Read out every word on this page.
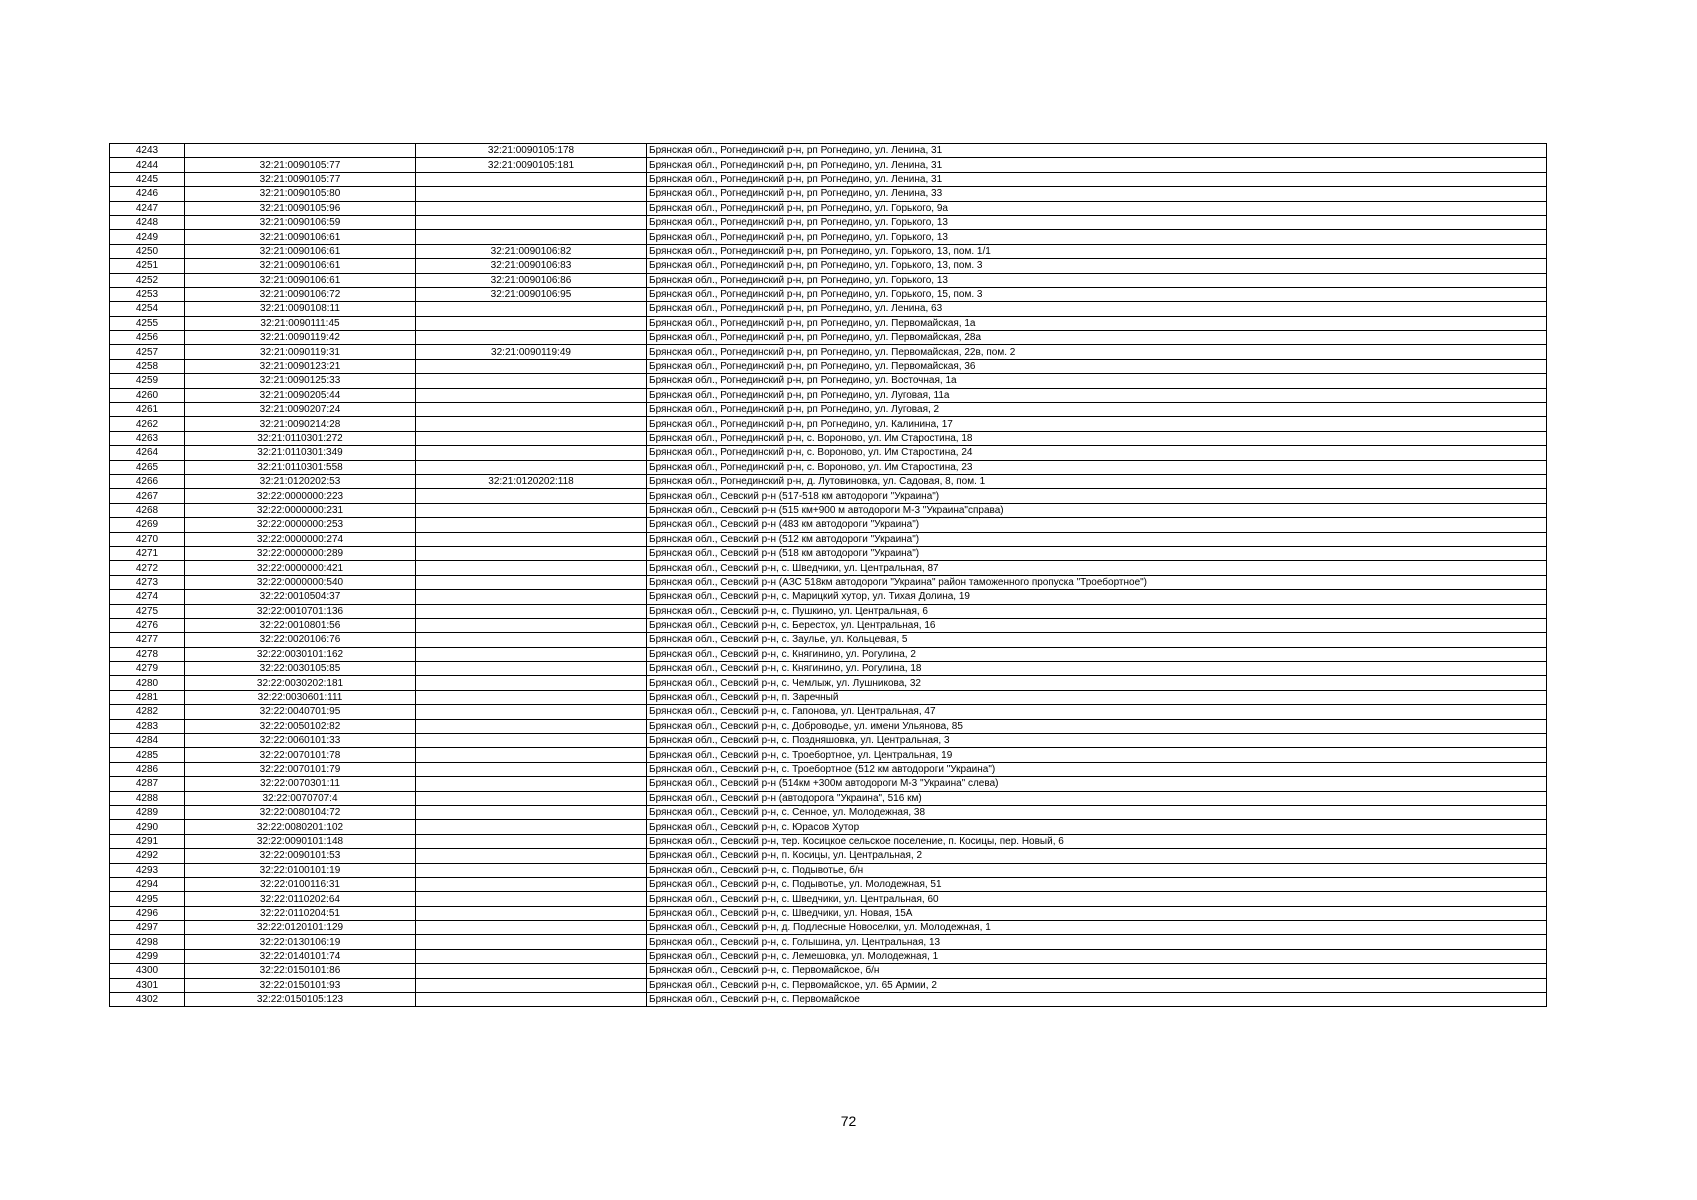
4243		32:21:0090105:178	Брянская обл., Рогнединский р-н, рп Рогнедино, ул. Ленина, 31
4244	32:21:0090105:77	32:21:0090105:181	Брянская обл., Рогнединский р-н, рп Рогнедино, ул. Ленина, 31
4245	32:21:0090105:77		Брянская обл., Рогнединский р-н, рп Рогнедино, ул. Ленина, 31
4246	32:21:0090105:80		Брянская обл., Рогнединский р-н, рп Рогнедино, ул. Ленина, 33
4247	32:21:0090105:96		Брянская обл., Рогнединский р-н, рп Рогнедино, ул. Горького, 9а
4248	32:21:0090106:59		Брянская обл., Рогнединский р-н, рп Рогнедино, ул. Горького, 13
4249	32:21:0090106:61		Брянская обл., Рогнединский р-н, рп Рогнедино, ул. Горького, 13
4250	32:21:0090106:61	32:21:0090106:82	Брянская обл., Рогнединский р-н, рп Рогнедино, ул. Горького, 13, пом. 1/1
4251	32:21:0090106:61	32:21:0090106:83	Брянская обл., Рогнединский р-н, рп Рогнедино, ул. Горького, 13, пом. 3
4252	32:21:0090106:61	32:21:0090106:86	Брянская обл., Рогнединский р-н, рп Рогнедино, ул. Горького, 13
4253	32:21:0090106:72	32:21:0090106:95	Брянская обл., Рогнединский р-н, рп Рогнедино, ул. Горького, 15, пом. 3
4254	32:21:0090108:11		Брянская обл., Рогнединский р-н, рп Рогнедино, ул. Ленина, 63
4255	32:21:0090111:45		Брянская обл., Рогнединский р-н, рп Рогнедино, ул. Первомайская, 1а
4256	32:21:0090119:42		Брянская обл., Рогнединский р-н, рп Рогнедино, ул. Первомайская, 28а
4257	32:21:0090119:31	32:21:0090119:49	Брянская обл., Рогнединский р-н, рп Рогнедино, ул. Первомайская, 22в, пом. 2
4258	32:21:0090123:21		Брянская обл., Рогнединский р-н, рп Рогнедино, ул. Первомайская, 36
4259	32:21:0090125:33		Брянская обл., Рогнединский р-н, рп Рогнедино, ул. Восточная, 1а
4260	32:21:0090205:44		Брянская обл., Рогнединский р-н, рп Рогнедино, ул. Луговая, 11а
4261	32:21:0090207:24		Брянская обл., Рогнединский р-н, рп Рогнедино, ул. Луговая, 2
4262	32:21:0090214:28		Брянская обл., Рогнединский р-н, рп Рогнедино, ул. Калинина, 17
4263	32:21:0110301:272		Брянская обл., Рогнединский р-н, с. Вороново, ул. Им Старостина, 18
4264	32:21:0110301:349		Брянская обл., Рогнединский р-н, с. Вороново, ул. Им Старостина, 24
4265	32:21:0110301:558		Брянская обл., Рогнединский р-н, с. Вороново, ул. Им Старостина, 23
4266	32:21:0120202:53	32:21:0120202:118	Брянская обл., Рогнединский р-н, д. Лутовиновка, ул. Садовая, 8, пом. 1
4267	32:22:0000000:223		Брянская обл., Севский р-н (517-518 км автодороги "Украина")
4268	32:22:0000000:231		Брянская обл., Севский р-н (515 км+900 м автодороги М-3 "Украина"справа)
4269	32:22:0000000:253		Брянская обл., Севский р-н (483 км автодороги "Украина")
4270	32:22:0000000:274		Брянская обл., Севский р-н (512 км автодороги "Украина")
4271	32:22:0000000:289		Брянская обл., Севский р-н (518 км автодороги "Украина")
4272	32:22:0000000:421		Брянская обл., Севский р-н, с. Шведчики, ул. Центральная, 87
4273	32:22:0000000:540		Брянская обл., Севский р-н (АЗС 518км автодороги "Украина" район таможенного пропуска "Троебортное")
4274	32:22:0010504:37		Брянская обл., Севский р-н, с. Марицкий хутор, ул. Тихая Долина, 19
4275	32:22:0010701:136		Брянская обл., Севский р-н, с. Пушкино, ул. Центральная, 6
4276	32:22:0010801:56		Брянская обл., Севский р-н, с. Берестох, ул. Центральная, 16
4277	32:22:0020106:76		Брянская обл., Севский р-н, с. Заулье, ул. Кольцевая, 5
4278	32:22:0030101:162		Брянская обл., Севский р-н, с. Княгинино, ул. Рогулина, 2
4279	32:22:0030105:85		Брянская обл., Севский р-н, с. Княгинино, ул. Рогулина, 18
4280	32:22:0030202:181		Брянская обл., Севский р-н, с. Чемлыж, ул. Лушникова, 32
4281	32:22:0030601:111		Брянская обл., Севский р-н, п. Заречный
4282	32:22:0040701:95		Брянская обл., Севский р-н, с. Гапонова, ул. Центральная, 47
4283	32:22:0050102:82		Брянская обл., Севский р-н, с. Доброводье, ул. имени Ульянова, 85
4284	32:22:0060101:33		Брянская обл., Севский р-н, с. Поздняшовка, ул. Центральная, 3
4285	32:22:0070101:78		Брянская обл., Севский р-н, с. Троебортное, ул. Центральная, 19
4286	32:22:0070101:79		Брянская обл., Севский р-н, с. Троебортное (512 км автодороги "Украина")
4287	32:22:0070301:11		Брянская обл., Севский р-н (514км +300м автодороги М-3 "Украина" слева)
4288	32:22:0070707:4		Брянская обл., Севский р-н (автодорога "Украина", 516 км)
4289	32:22:0080104:72		Брянская обл., Севский р-н, с. Сенное, ул. Молодежная, 38
4290	32:22:0080201:102		Брянская обл., Севский р-н, с. Юрасов Хутор
4291	32:22:0090101:148		Брянская обл., Севский р-н, тер. Косицкое сельское поселение, п. Косицы, пер. Новый, 6
4292	32:22:0090101:53		Брянская обл., Севский р-н, п. Косицы, ул. Центральная, 2
4293	32:22:0100101:19		Брянская обл., Севский р-н, с. Подывотье, б/н
4294	32:22:0100116:31		Брянская обл., Севский р-н, с. Подывотье, ул. Молодежная, 51
4295	32:22:0110202:64		Брянская обл., Севский р-н, с. Шведчики, ул. Центральная, 60
4296	32:22:0110204:51		Брянская обл., Севский р-н, с. Шведчики, ул. Новая, 15А
4297	32:22:0120101:129		Брянская обл., Севский р-н, д. Подлесные Новоселки, ул. Молодежная, 1
4298	32:22:0130106:19		Брянская обл., Севский р-н, с. Голышина, ул. Центральная, 13
4299	32:22:0140101:74		Брянская обл., Севский р-н, с. Лемешовка, ул. Молодежная, 1
4300	32:22:0150101:86		Брянская обл., Севский р-н, с. Первомайское, б/н
4301	32:22:0150101:93		Брянская обл., Севский р-н, с. Первомайское, ул. 65 Армии, 2
4302	32:22:0150105:123		Брянская обл., Севский р-н, с. Первомайское
72
